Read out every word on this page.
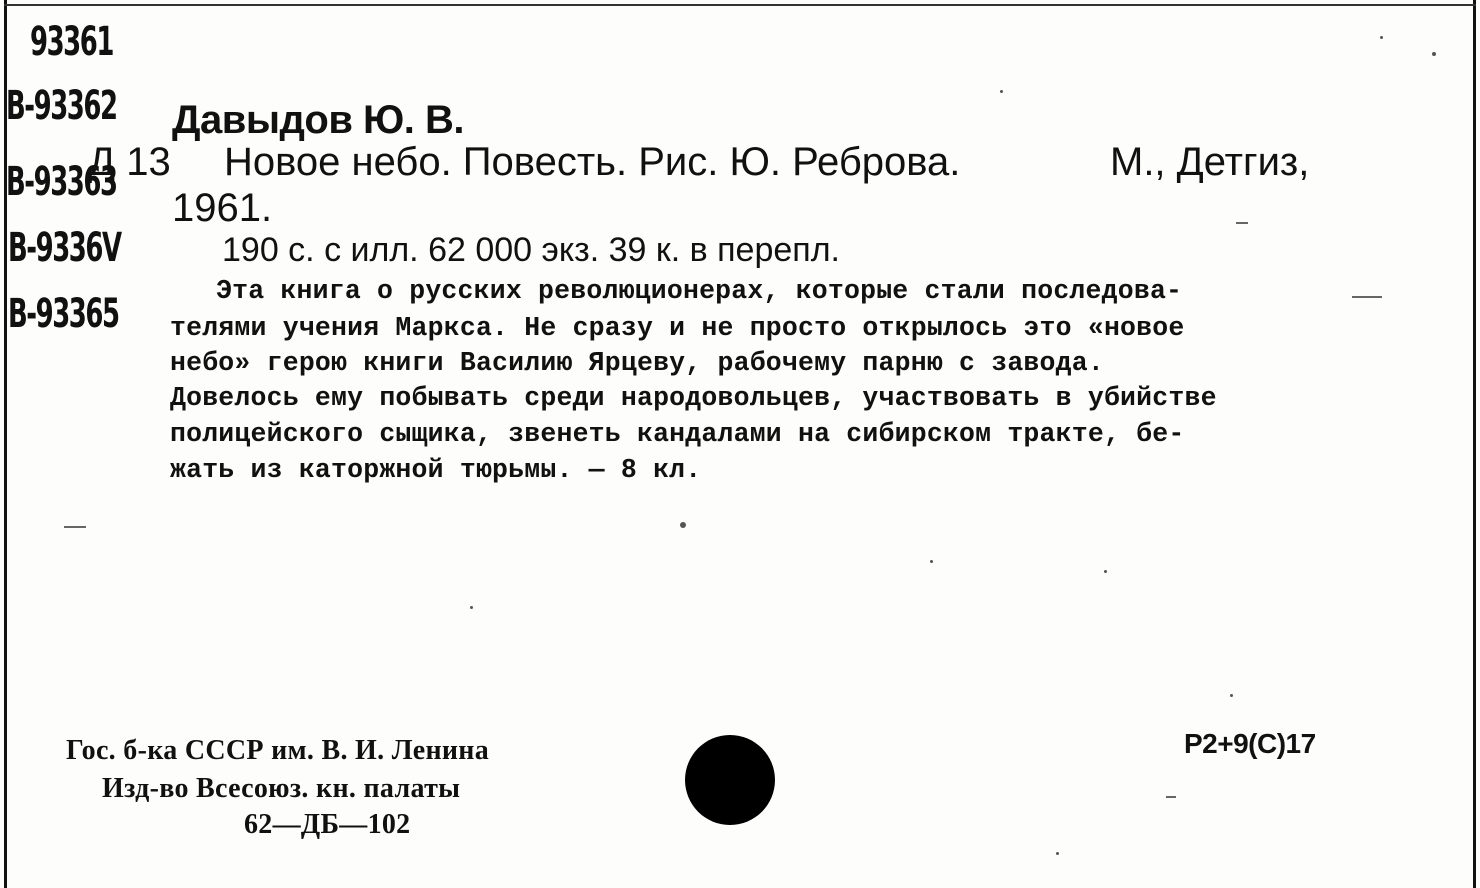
93361
В-93362
В-93363
В-9336V
В-93365
Давыдов Ю. В.
Д 13 Новое небо. Повесть. Рис. Ю. Реброва.	М., Детгиз,
1961.
190 с. с илл. 62 000 экз. 39 к. в перепл.
Эта книга о русских революционерах, которые стали последова-
телями учения Маркса. Не сразу и не просто открылось это «новое
небо» герою книги Василию Ярцеву, рабочему парню с завода.
Довелось ему побывать среди народовольцев, участвовать в убийстве
полицейского сыщика, звенеть кандалами на сибирском тракте, бе-
жать из каторжной тюрьмы. — 8 кл.
Гос. б-ка СССР им. В. И. Ленина
Изд-во Всесоюз. кн. палаты
62—ДБ—102
Р2+9(С)17
